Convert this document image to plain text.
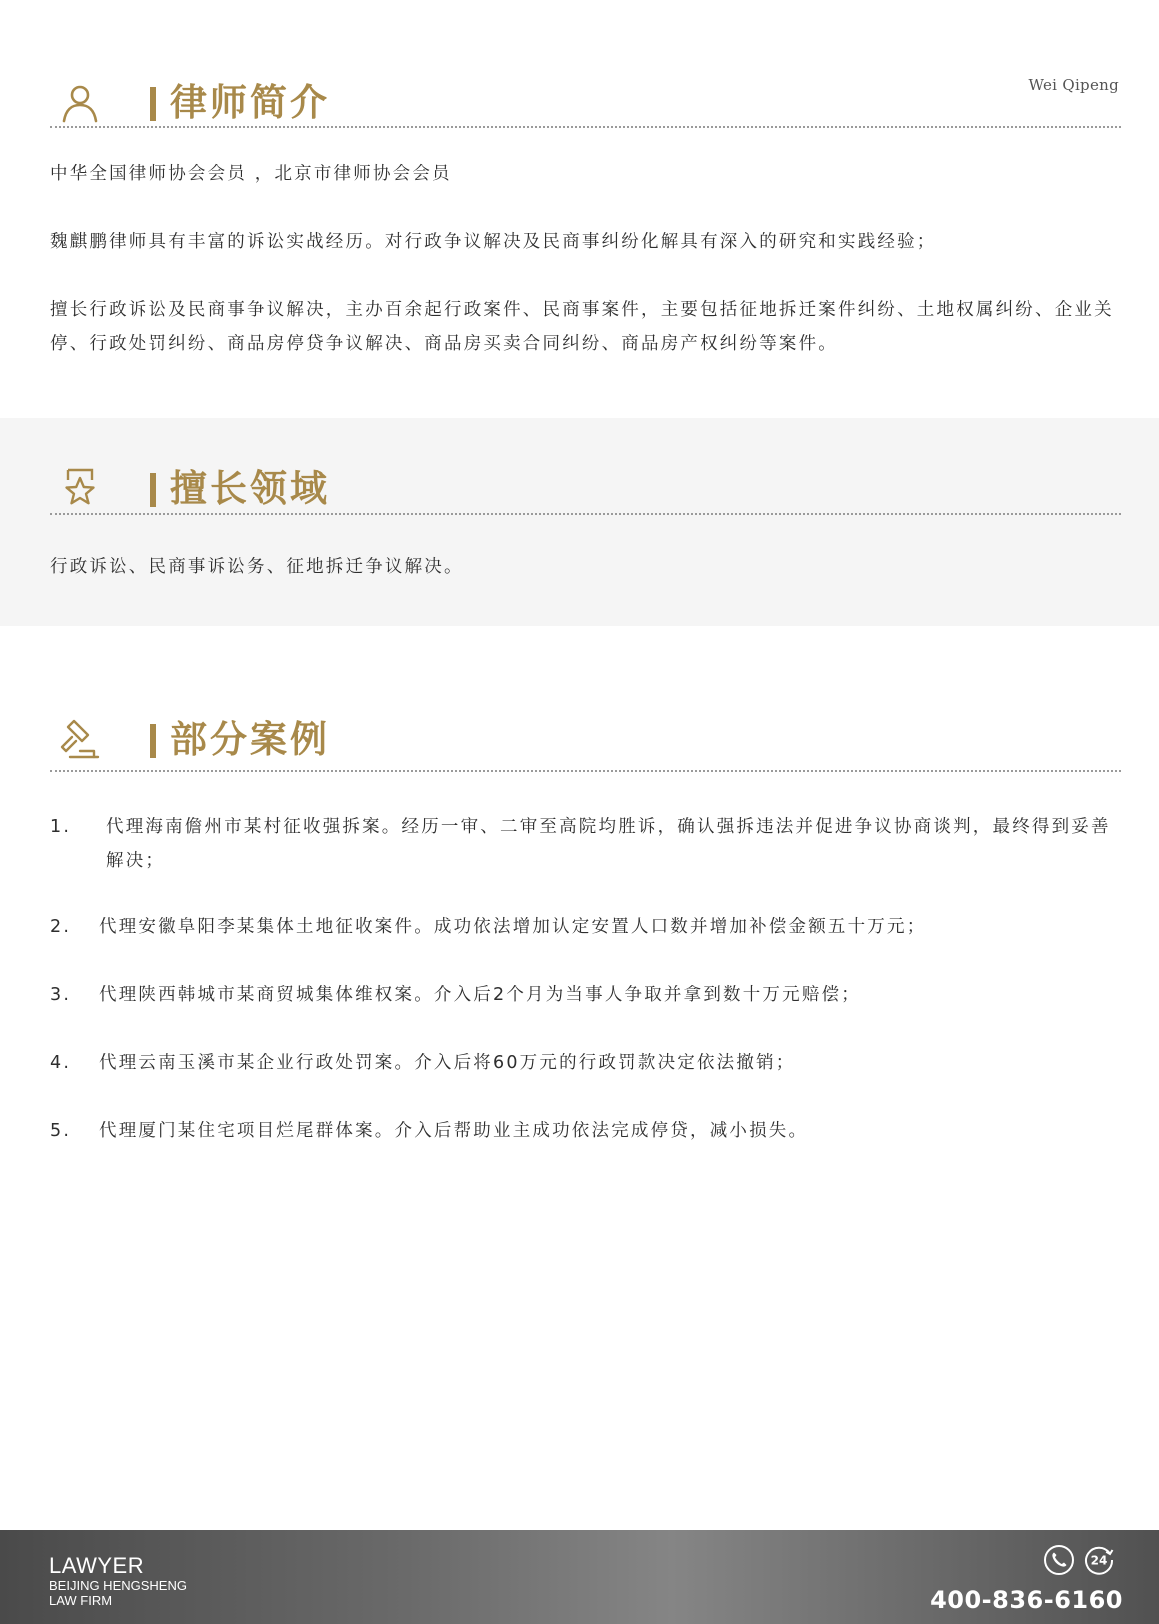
Wei Qipeng
律师简介
中华全国律师协会会员 ，北京市律师协会会员
魏麒鹏律师具有丰富的诉讼实战经历。对行政争议解决及民商事纠纷化解具有深入的研究和实践经验；
擅长行政诉讼及民商事争议解决，主办百余起行政案件、民商事案件，主要包括征地拆迁案件纠纷、土地权属纠纷、企业关停、行政处罚纠纷、商品房停贷争议解决、商品房买卖合同纠纷、商品房产权纠纷等案件。
擅长领域
行政诉讼、民商事诉讼务、征地拆迁争议解决。
部分案例
1.	代理海南儋州市某村征收强拆案。经历一审、二审至高院均胜诉，确认强拆违法并促进争议协商谈判，最终得到妥善解决；
2.	代理安徽阜阳李某集体土地征收案件。成功依法增加认定安置人口数并增加补偿金额五十万元；
3.	代理陕西韩城市某商贸城集体维权案。介入后2个月为当事人争取并拿到数十万元赔偿；
4.	代理云南玉溪市某企业行政处罚案。介入后将60万元的行政罚款决定依法撤销；
5.	代理厦门某住宅项目烂尾群体案。介入后帮助业主成功依法完成停贷，减小损失。
LAWYER
BEIJING HENGSHENG
LAW FIRM
24
400-836-6160
